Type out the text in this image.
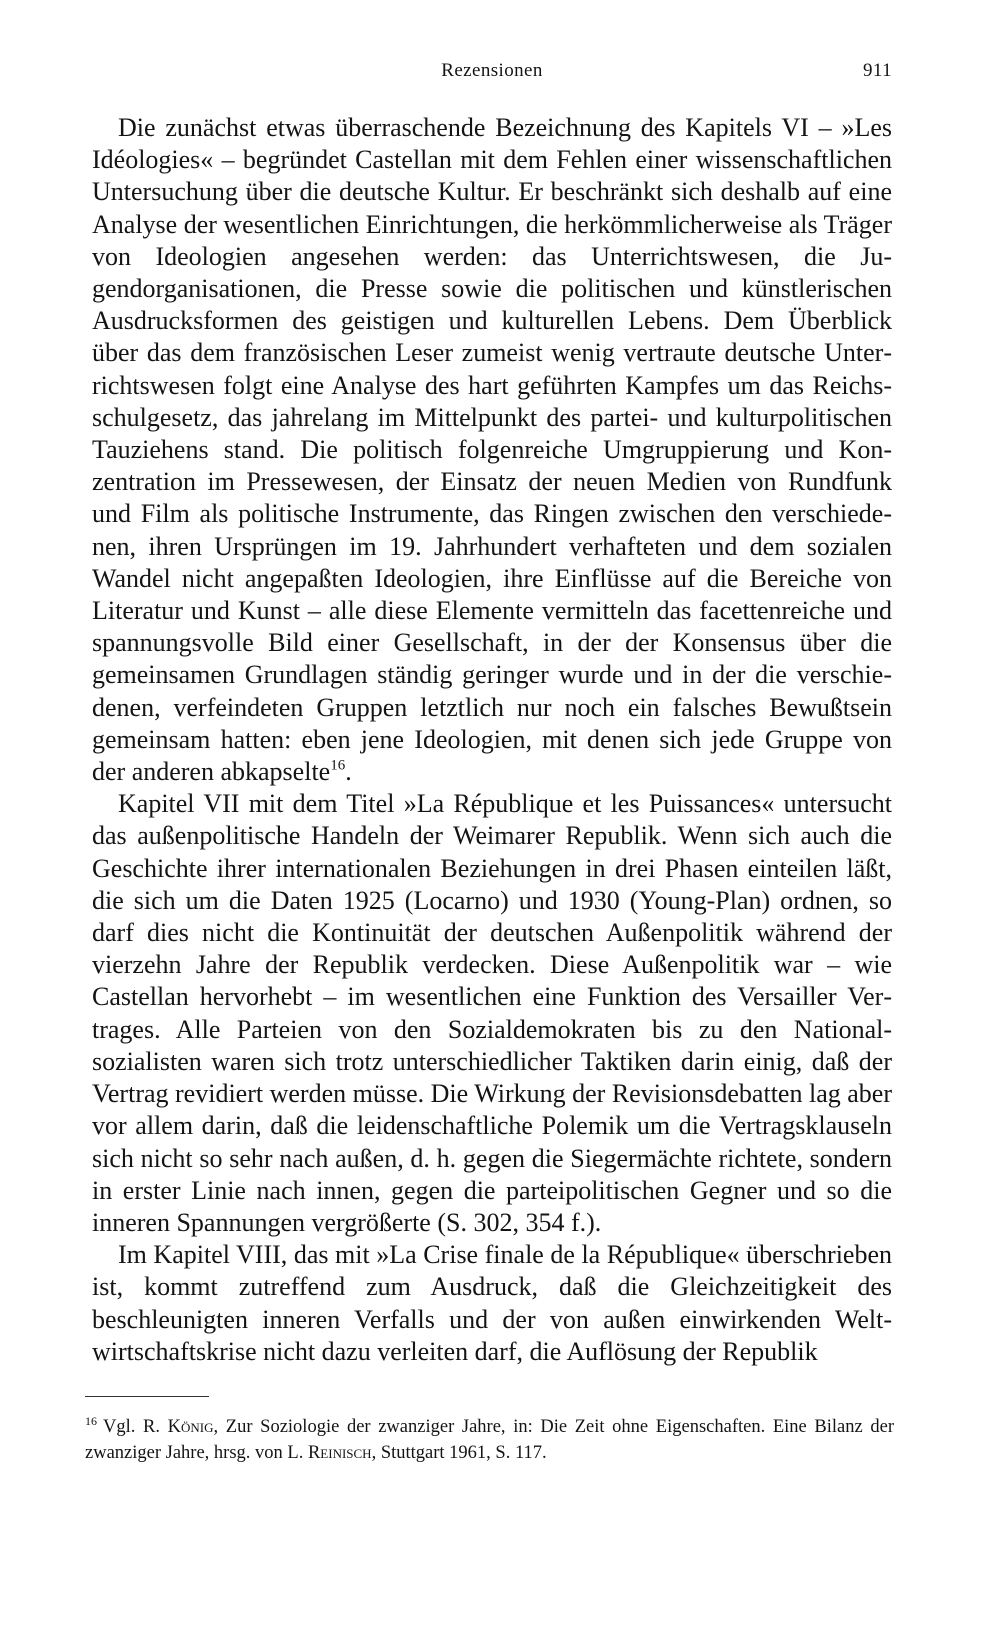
Rezensionen	911

Die zunächst etwas überraschende Bezeichnung des Kapitels VI – »Les Idéologies« – begründet Castellan mit dem Fehlen einer wissenschaftlichen Untersuchung über die deutsche Kultur. Er beschränkt sich deshalb auf eine Analyse der wesentlichen Einrichtungen, die herkömmlicherweise als Träger von Ideologien angesehen werden: das Unterrichtswesen, die Jugendorganisationen, die Presse sowie die politischen und künstlerischen Ausdrucksformen des geistigen und kulturellen Lebens. Dem Überblick über das dem französischen Leser zumeist wenig vertraute deutsche Unterrichtswesen folgt eine Analyse des hart geführten Kampfes um das Reichsschulgesetz, das jahrelang im Mittelpunkt des partei- und kulturpolitischen Tauziehens stand. Die politisch folgenreiche Umgruppierung und Konzentration im Pressewesen, der Einsatz der neuen Medien von Rundfunk und Film als politische Instrumente, das Ringen zwischen den verschiedenen, ihren Ursprüngen im 19. Jahrhundert verhafteten und dem sozialen Wandel nicht angepaßten Ideologien, ihre Einflüsse auf die Bereiche von Literatur und Kunst – alle diese Elemente vermitteln das facettenreiche und spannungsvolle Bild einer Gesellschaft, in der der Konsensus über die gemeinsamen Grundlagen ständig geringer wurde und in der die verschiedenen, verfeindeten Gruppen letztlich nur noch ein falsches Bewußtsein gemeinsam hatten: eben jene Ideologien, mit denen sich jede Gruppe von der anderen abkapselte$^{16}$.

Kapitel VII mit dem Titel »La République et les Puissances« untersucht das außenpolitische Handeln der Weimarer Republik. Wenn sich auch die Geschichte ihrer internationalen Beziehungen in drei Phasen einteilen läßt, die sich um die Daten 1925 (Locarno) und 1930 (Young-Plan) ordnen, so darf dies nicht die Kontinuität der deutschen Außenpolitik während der vierzehn Jahre der Republik verdecken. Diese Außenpolitik war – wie Castellan hervorhebt – im wesentlichen eine Funktion des Versailler Vertrages. Alle Parteien von den Sozialdemokraten bis zu den Nationalsozialisten waren sich trotz unterschiedlicher Taktiken darin einig, daß der Vertrag revidiert werden müsse. Die Wirkung der Revisionsdebatten lag aber vor allem darin, daß die leidenschaftliche Polemik um die Vertragsklauseln sich nicht so sehr nach außen, d. h. gegen die Siegermächte richtete, sondern in erster Linie nach innen, gegen die parteipolitischen Gegner und so die inneren Spannungen vergrößerte (S. 302, 354 f.).

Im Kapitel VIII, das mit »La Crise finale de la République« überschrieben ist, kommt zutreffend zum Ausdruck, daß die Gleichzeitigkeit des beschleunigten inneren Verfalls und der von außen einwirkenden Weltwirtschaftskrise nicht dazu verleiten darf, die Auflösung der Republik

$^{16}$ Vgl. R. König, Zur Soziologie der zwanziger Jahre, in: Die Zeit ohne Eigenschaften. Eine Bilanz der zwanziger Jahre, hrsg. von L. Reinisch, Stuttgart 1961, S. 117.
